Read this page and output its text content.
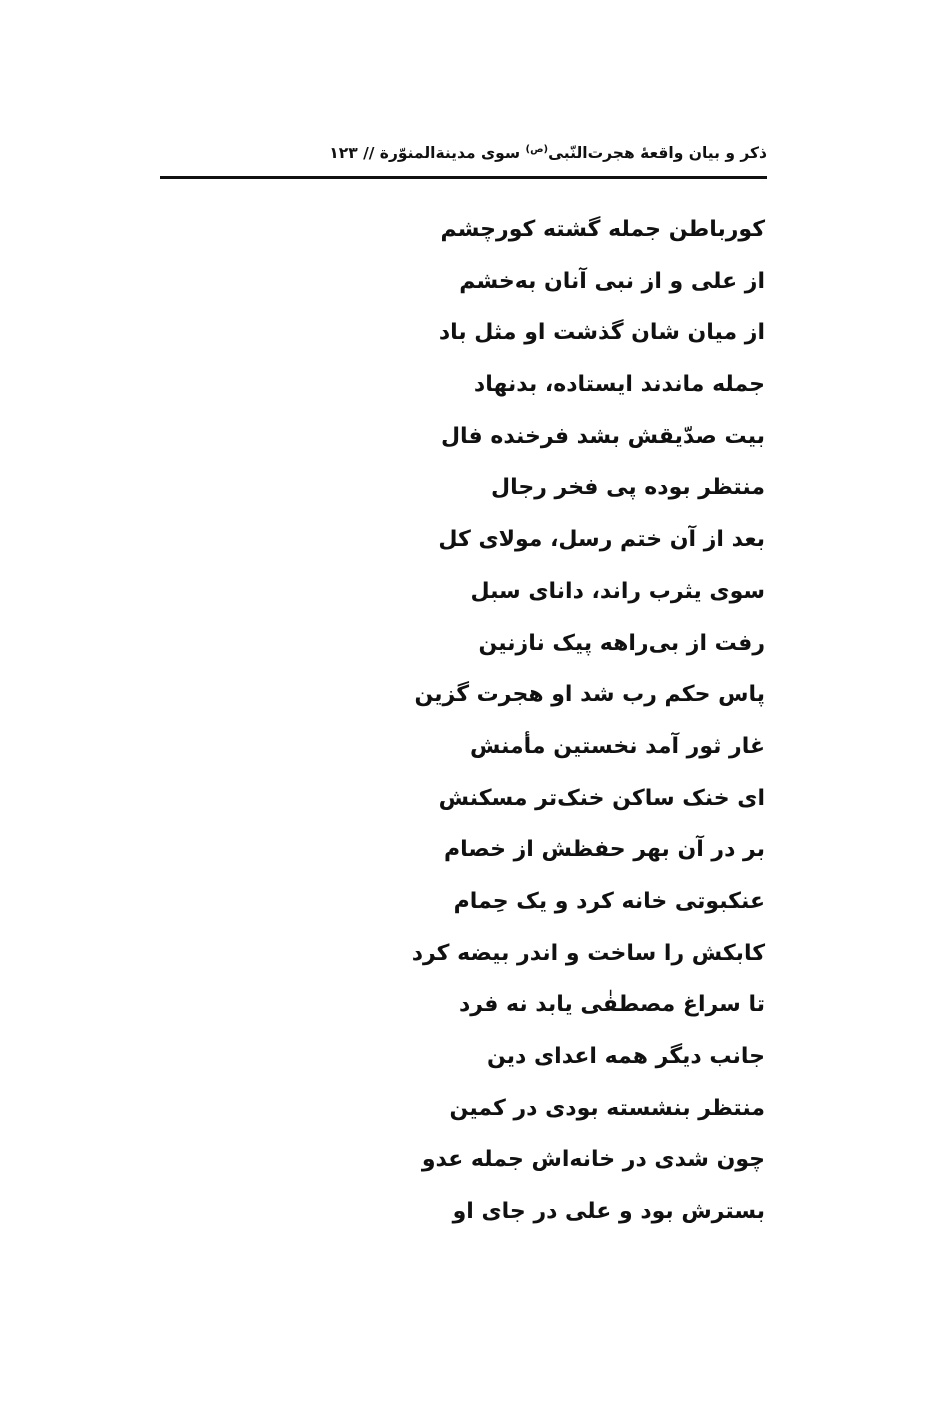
ذکر و بیان واقعهٔ هجرت‌النّبی$^{(ص)}$ سوی مدینةالمنوّرة // ۱۲۳
کورباطن جمله گشته کورچشم
از علی و از نبی آنان به‌خشم
از میان شان گذشت او مثل باد
جمله ماندند ایستاده، بدنهاد
بیت صدّیقش بشد فرخنده فال
منتظر بوده پی فخر رجال
بعد از آن ختم رسل، مولای کل
سوی یثرب راند، دانای سبل
رفت از بی‌راهه پیک نازنین
پاس حکم رب شد او هجرت گزین
غار ثور آمد نخستین مأمنش
ای خنک ساکن خنک‌تر مسکنش
بر در آن بهر حفظش از خصام
عنکبوتی خانه کرد و یک حِمام
کابکش را ساخت و اندر بیضه کرد
تا سراغ مصطفٰی یابد نه فرد
جانب دیگر همه اعدای دین
منتظر بنشسته بودی در کمین
چون شدی در خانه‌اش جمله عدو
بسترش بود و علی در جای او
